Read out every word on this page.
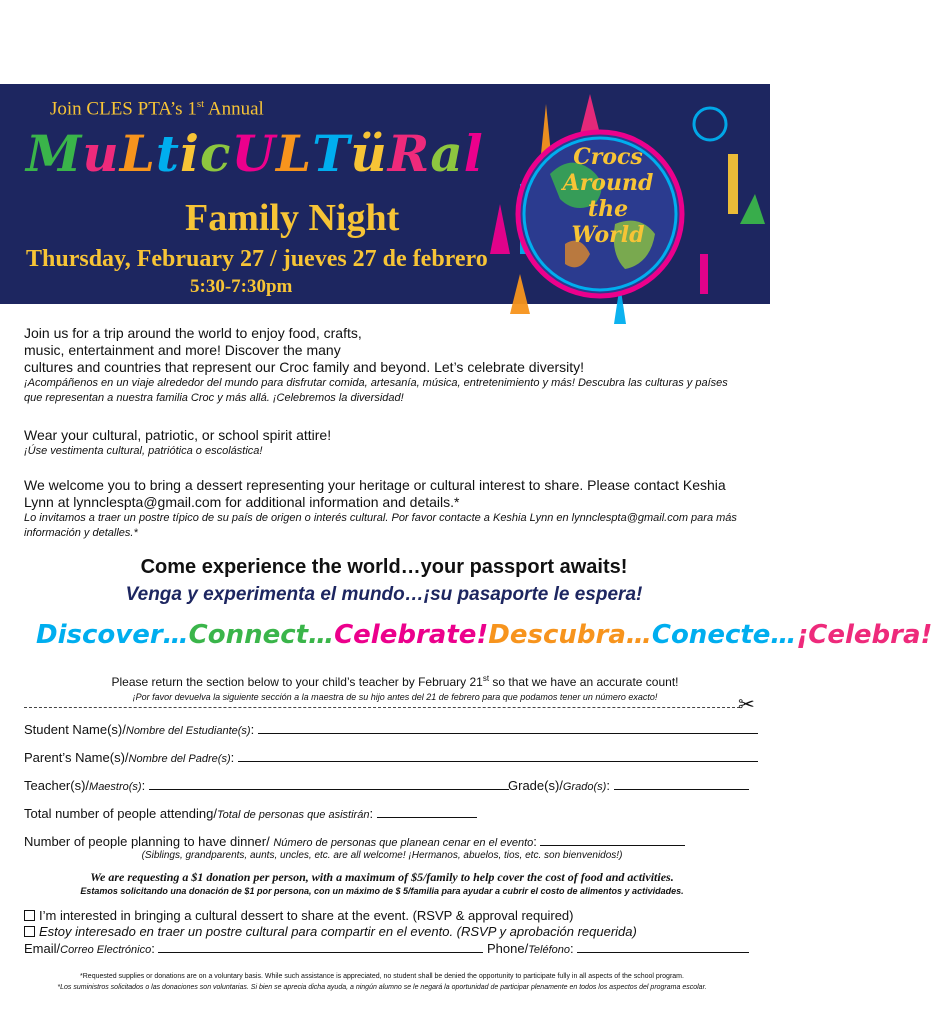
Join CLES PTA’s 1st Annual
MuLticULTüRal
Family Night
Thursday, February 27 / jueves 27 de febrero
5:30-7:30pm
Crocs
Around
the
World
Join us for a trip around the world to enjoy food, crafts,
music, entertainment and more! Discover the many
cultures and countries that represent our Croc family and beyond. Let’s celebrate diversity!
¡Acompáñenos en un viaje alrededor del mundo para disfrutar comida, artesanía, música, entretenimiento y más! Descubra las culturas y países que representan a nuestra familia Croc y más allá. ¡Celebremos la diversidad!
Wear your cultural, patriotic, or school spirit attire!
¡Úse vestimenta cultural, patriótica o escolástica!
We welcome you to bring a dessert representing your heritage or cultural interest to share. Please contact Keshia Lynn at lynnclespta@gmail.com for additional information and details.*
Lo invitamos a traer un postre típico de su país de origen o interés cultural. Por favor contacte a Keshia Lynn en lynnclespta@gmail.com para más información y detalles.*
Come experience the world…your passport awaits!
Venga y experimenta el mundo…¡su pasaporte le espera!
Discover…Connect…Celebrate!Descubra…Conecte…¡Celebra!
Please return the section below to your child’s teacher by February 21st so that we have an accurate count!
¡Por favor devuelva la siguiente sección a la maestra de su hijo antes del 21 de febrero para que podamos tener un número exacto!	✂
Student Name(s)/Nombre del Estudiante(s):
Parent’s Name(s)/Nombre del Padre(s):
Teacher(s)/Maestro(s):	Grade(s)/Grado(s):
Total number of people attending/Total de personas que asistirán:
Number of people planning to have dinner/ Número de personas que planean cenar en el evento:
(Siblings, grandparents, aunts, uncles, etc. are all welcome! ¡Hermanos, abuelos, tios, etc. son bienvenidos!)
We are requesting a $1 donation per person, with a maximum of $5/family to help cover the cost of food and activities.
Estamos solicitando una donación de $1 por persona, con un máximo de $ 5/familia para ayudar a cubrir el costo de alimentos y actividades.
I’m interested in bringing a cultural dessert to share at the event. (RSVP & approval required)
Estoy interesado en traer un postre cultural para compartir en el evento. (RSVP y aprobación requerida)
Email/Correo Electrónico:	Phone/Teléfono:
*Requested supplies or donations are on a voluntary basis. While such assistance is appreciated, no student shall be denied the opportunity to participate fully in all aspects of the school program.
*Los suministros solicitados o las donaciones son voluntarias. Si bien se aprecia dicha ayuda, a ningún alumno se le negará la oportunidad de participar plenamente en todos los aspectos del programa escolar.
